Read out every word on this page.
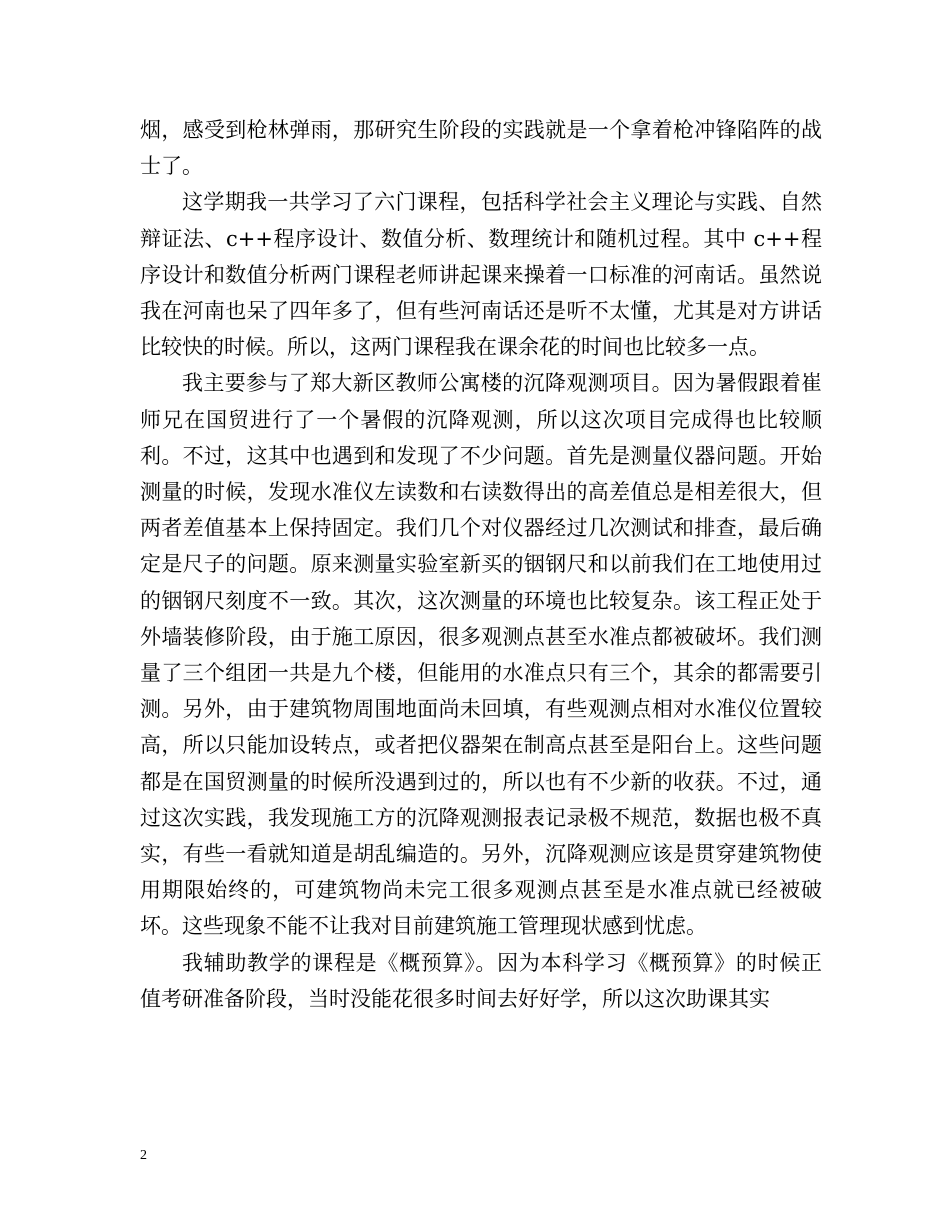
烟，感受到枪林弹雨，那研究生阶段的实践就是一个拿着枪冲锋陷阵的战士了。

这学期我一共学习了六门课程，包括科学社会主义理论与实践、自然辩证法、c++程序设计、数值分析、数理统计和随机过程。其中 c++程序设计和数值分析两门课程老师讲起课来操着一口标准的河南话。虽然说我在河南也呆了四年多了，但有些河南话还是听不太懂，尤其是对方讲话比较快的时候。所以，这两门课程我在课余花的时间也比较多一点。

我主要参与了郑大新区教师公寓楼的沉降观测项目。因为暑假跟着崔师兄在国贸进行了一个暑假的沉降观测，所以这次项目完成得也比较顺利。不过，这其中也遇到和发现了不少问题。首先是测量仪器问题。开始测量的时候，发现水准仪左读数和右读数得出的高差值总是相差很大，但两者差值基本上保持固定。我们几个对仪器经过几次测试和排查，最后确定是尺子的问题。原来测量实验室新买的铟钢尺和以前我们在工地使用过的铟钢尺刻度不一致。其次，这次测量的环境也比较复杂。该工程正处于外墙装修阶段，由于施工原因，很多观测点甚至水准点都被破坏。我们测量了三个组团一共是九个楼，但能用的水准点只有三个，其余的都需要引测。另外，由于建筑物周围地面尚未回填，有些观测点相对水准仪位置较高，所以只能加设转点，或者把仪器架在制高点甚至是阳台上。这些问题都是在国贸测量的时候所没遇到过的，所以也有不少新的收获。不过，通过这次实践，我发现施工方的沉降观测报表记录极不规范，数据也极不真实，有些一看就知道是胡乱编造的。另外，沉降观测应该是贯穿建筑物使用期限始终的，可建筑物尚未完工很多观测点甚至是水准点就已经被破坏。这些现象不能不让我对目前建筑施工管理现状感到忧虑。

我辅助教学的课程是《概预算》。因为本科学习《概预算》的时候正值考研准备阶段，当时没能花很多时间去好好学，所以这次助课其实

2
